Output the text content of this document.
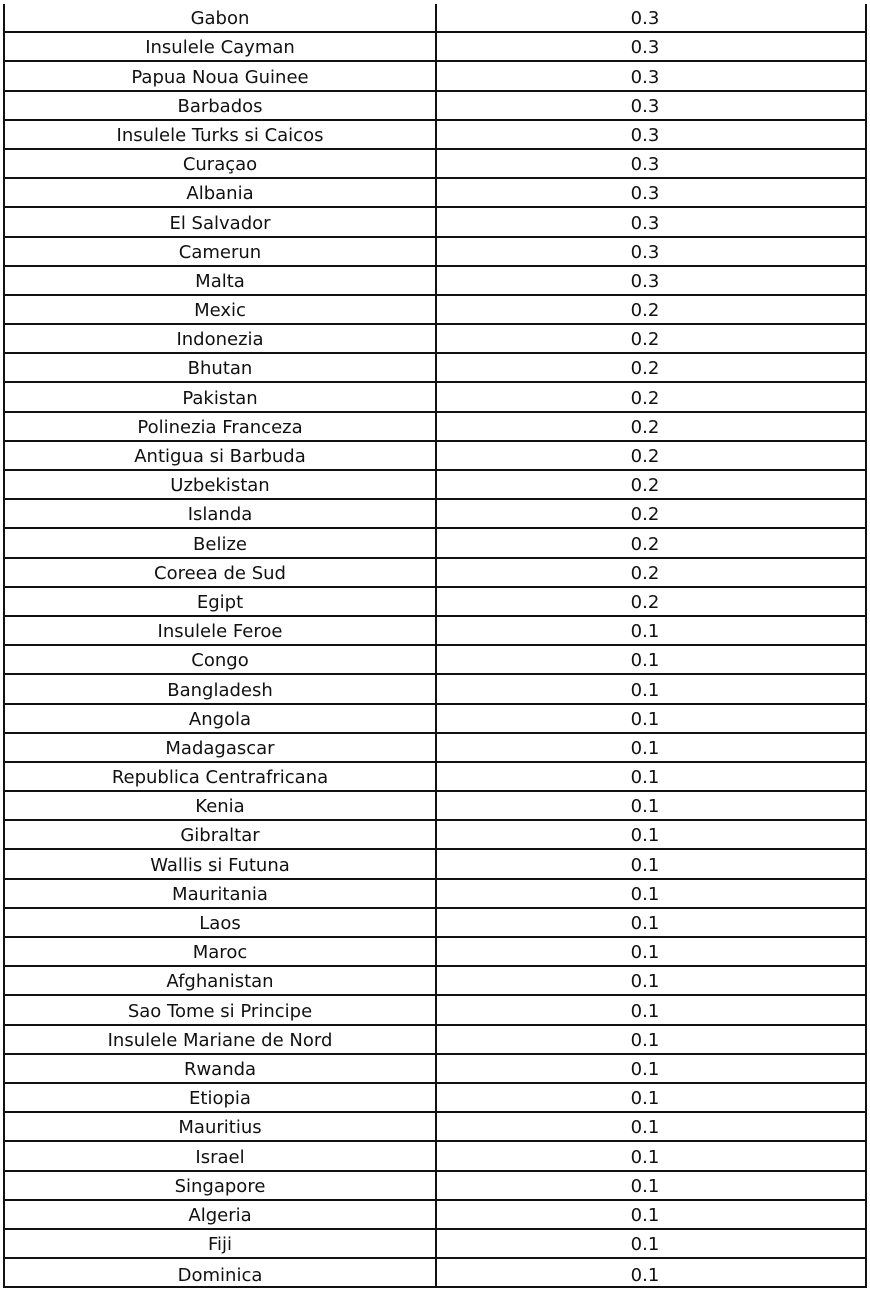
Gabon	0.3
Insulele Cayman	0.3
Papua Noua Guinee	0.3
Barbados	0.3
Insulele Turks si Caicos	0.3
Curaçao	0.3
Albania	0.3
El Salvador	0.3
Camerun	0.3
Malta	0.3
Mexic	0.2
Indonezia	0.2
Bhutan	0.2
Pakistan	0.2
Polinezia Franceza	0.2
Antigua si Barbuda	0.2
Uzbekistan	0.2
Islanda	0.2
Belize	0.2
Coreea de Sud	0.2
Egipt	0.2
Insulele Feroe	0.1
Congo	0.1
Bangladesh	0.1
Angola	0.1
Madagascar	0.1
Republica Centrafricana	0.1
Kenia	0.1
Gibraltar	0.1
Wallis si Futuna	0.1
Mauritania	0.1
Laos	0.1
Maroc	0.1
Afghanistan	0.1
Sao Tome si Principe	0.1
Insulele Mariane de Nord	0.1
Rwanda	0.1
Etiopia	0.1
Mauritius	0.1
Israel	0.1
Singapore	0.1
Algeria	0.1
Fiji	0.1
Dominica	0.1
